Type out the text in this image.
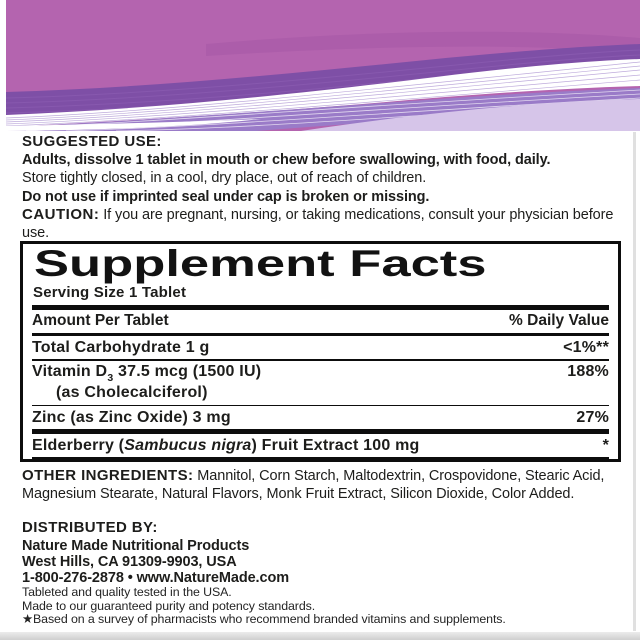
SUGGESTED USE:

Adults, dissolve 1 tablet in mouth or chew before swallowing, with food, daily.

Store tightly closed, in a cool, dry place, out of reach of children.

Do not use if imprinted seal under cap is broken or missing.

CAUTION: If you are pregnant, nursing, or taking medications, consult your physician before use.

Supplement Facts
Serving Size 1 Tablet
Amount Per Tablet	% Daily Value
Total Carbohydrate 1 g	<1%**
Vitamin $D_3$ 37.5 mcg (1500 IU)	188%
(as Cholecalciferol)
Zinc (as Zinc Oxide) 3 mg	27%
Elderberry (Sambucus nigra) Fruit Extract 100 mg	*

OTHER INGREDIENTS: Mannitol, Corn Starch, Maltodextrin, Crospovidone, Stearic Acid, Magnesium Stearate, Natural Flavors, Monk Fruit Extract, Silicon Dioxide, Color Added.

DISTRIBUTED BY:

Nature Made Nutritional Products

West Hills, CA 91309-9903, USA

1-800-276-2878 • www.NatureMade.com

Tableted and quality tested in the USA.

Made to our guaranteed purity and potency standards.

★Based on a survey of pharmacists who recommend branded vitamins and supplements.
